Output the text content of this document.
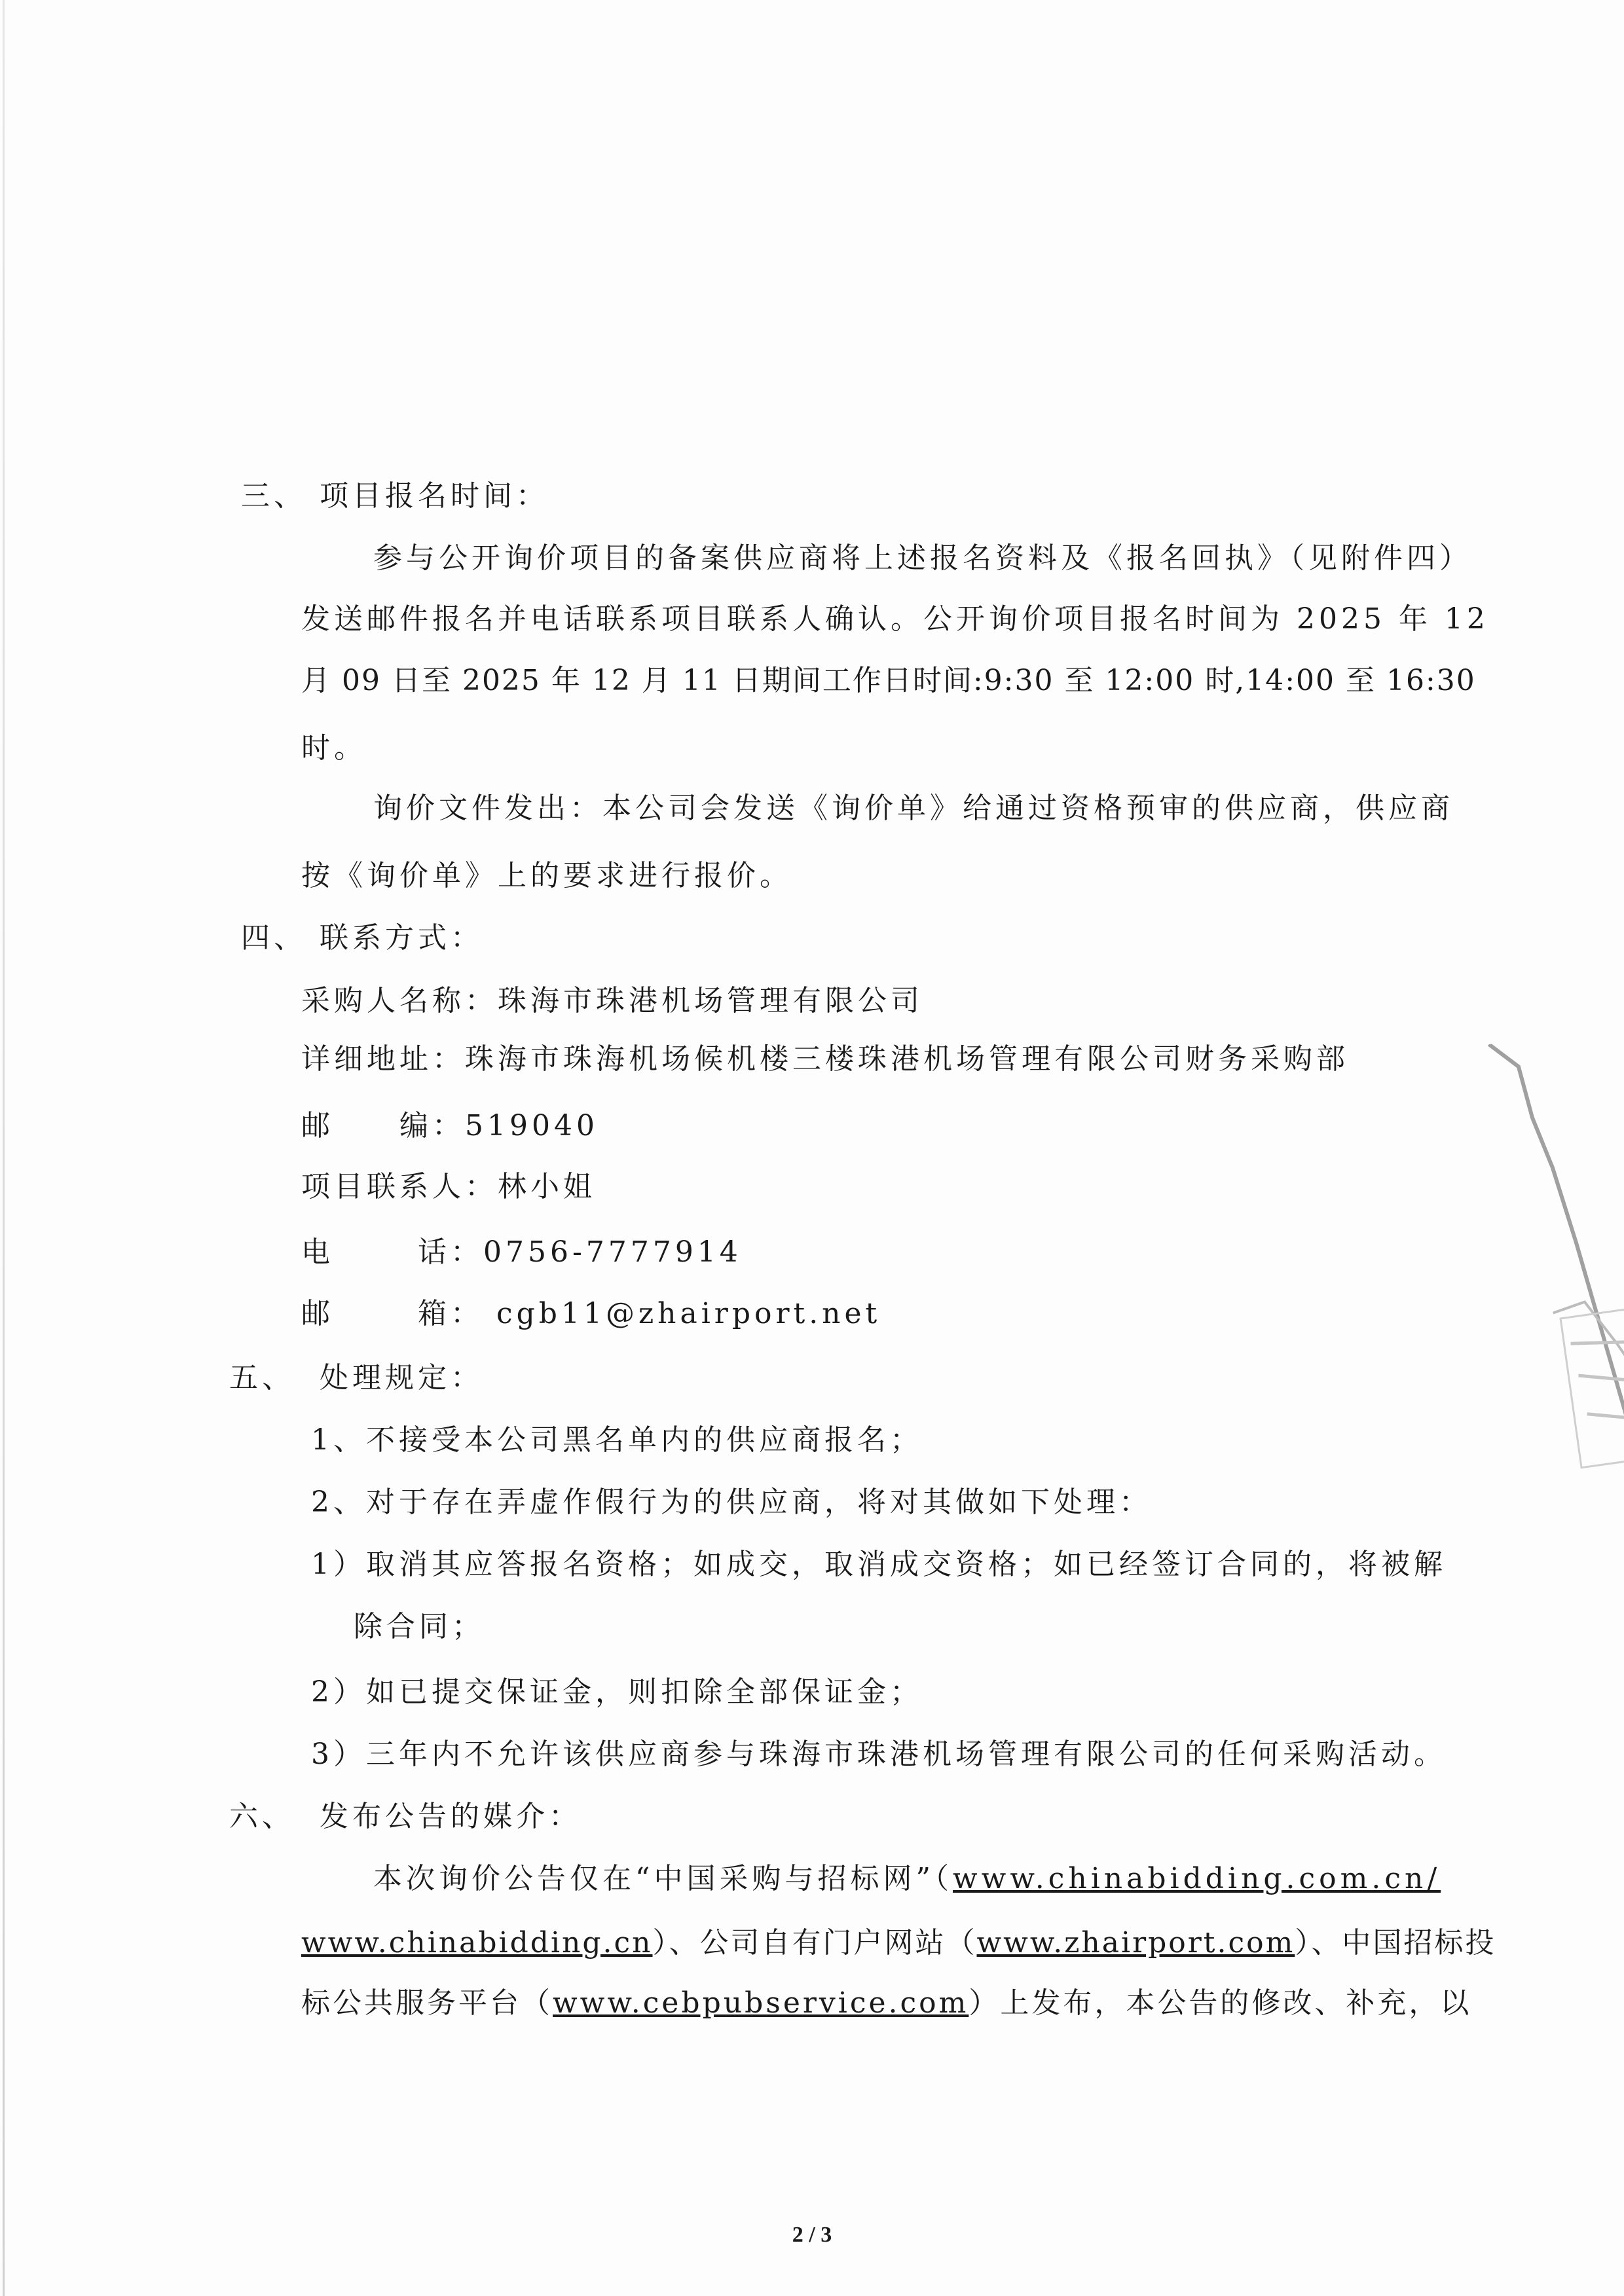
三、 项目报名时间：
参与公开询价项目的备案供应商将上述报名资料及《报名回执》（见附件四）
发送邮件报名并电话联系项目联系人确认。公开询价项目报名时间为 2025 年 12
月 09 日至 2025 年 12 月 11 日期间工作日时间:9:30 至 12:00 时,14:00 至 16:30
时。
询价文件发出：本公司会发送《询价单》给通过资格预审的供应商，供应商
按《询价单》上的要求进行报价。
四、 联系方式：
采购人名称：珠海市珠港机场管理有限公司
详细地址：珠海市珠海机场候机楼三楼珠港机场管理有限公司财务采购部
邮 编：519040
项目联系人：林小姐
电	话：0756-7777914
邮	箱： cgb11@zhairport.net
五、 处理规定：
1、不接受本公司黑名单内的供应商报名；
2、对于存在弄虚作假行为的供应商，将对其做如下处理：
1）取消其应答报名资格；如成交，取消成交资格；如已经签订合同的，将被解
除合同；
2）如已提交保证金，则扣除全部保证金；
3）三年内不允许该供应商参与珠海市珠港机场管理有限公司的任何采购活动。
六、 发布公告的媒介：
本次询价公告仅在“中国采购与招标网”（www.chinabidding.com.cn/
www.chinabidding.cn）、公司自有门户网站（www.zhairport.com）、中国招标投
标公共服务平台（www.cebpubservice.com）上发布，本公告的修改、补充，以
2 / 3
